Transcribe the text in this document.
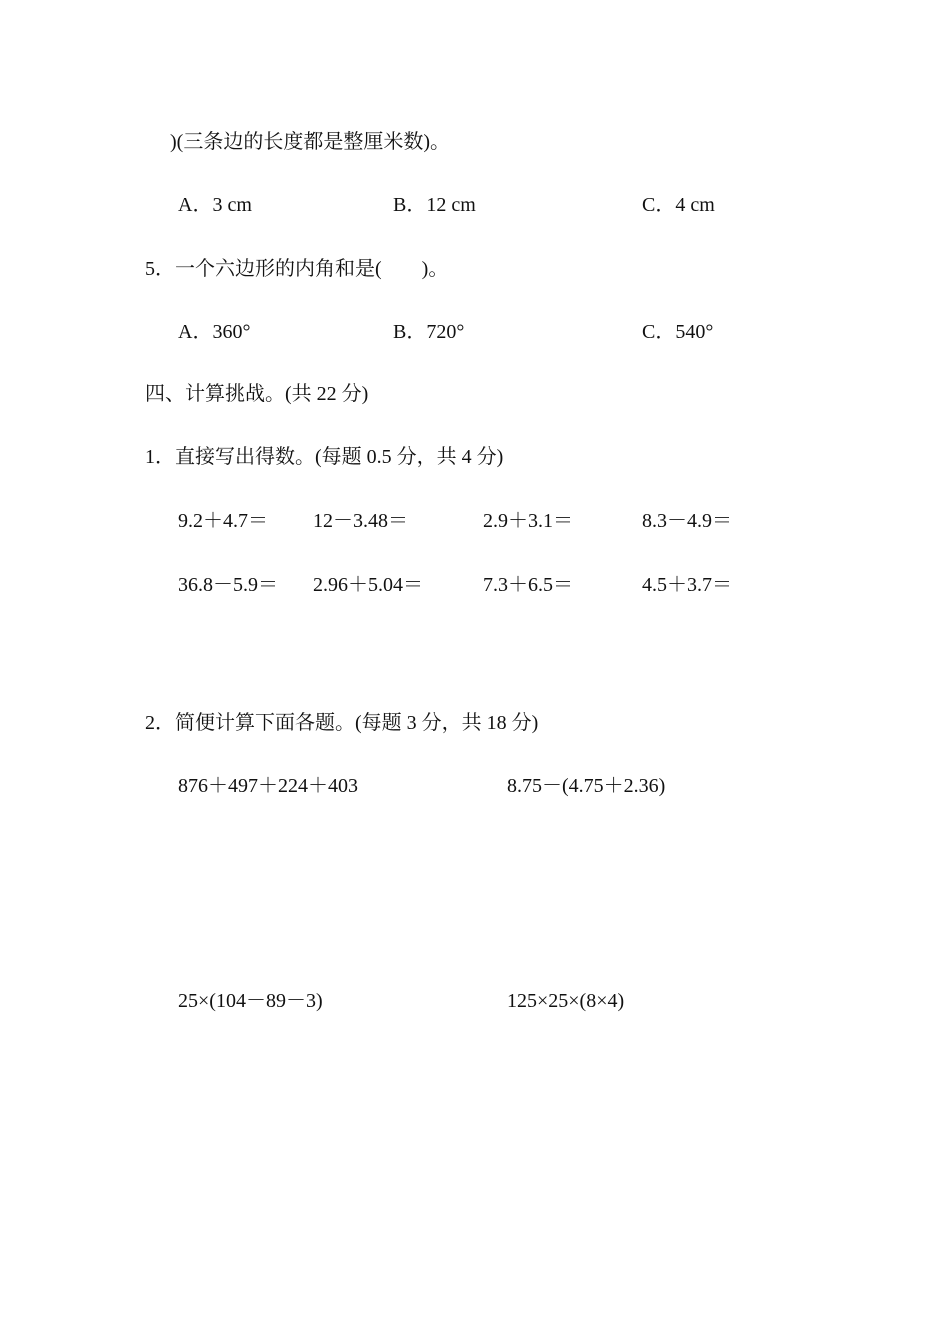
)(三条边的长度都是整厘米数)。
A．3 cm	B．12 cm	C．4 cm
5．一个六边形的内角和是(　　)。
A．360°	B．720°	C．540°
四、计算挑战。(共 22 分)
1．直接写出得数。(每题 0.5 分，共 4 分)
9.2＋4.7＝ 12－3.48＝	2.9＋3.1＝	8.3－4.9＝
36.8－5.9＝ 2.96＋5.04＝	7.3＋6.5＝	4.5＋3.7＝
2．简便计算下面各题。(每题 3 分，共 18 分)
876＋497＋224＋403	8.75－(4.75＋2.36)
25×(104－89－3)	125×25×(8×4)
